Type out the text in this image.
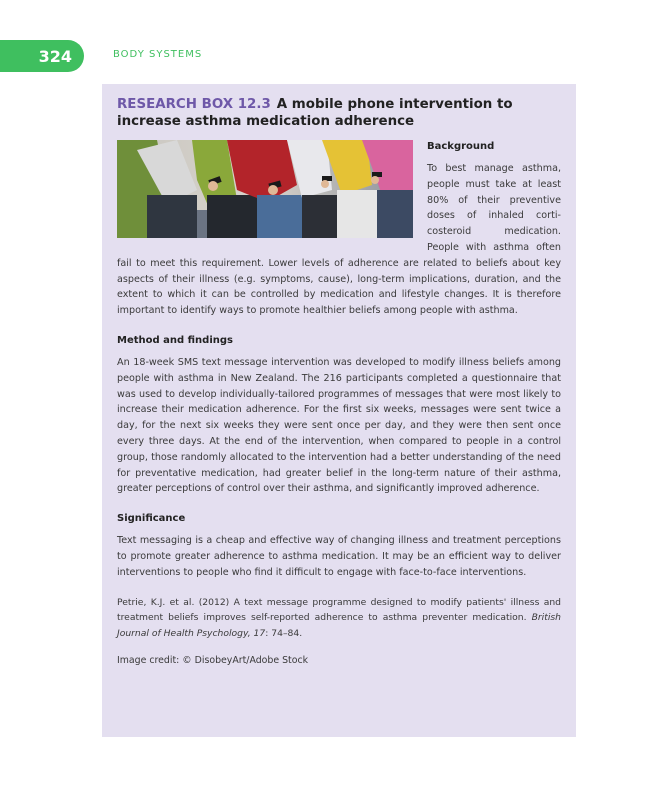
324	BODY SYSTEMS
RESEARCH BOX 12.3 A mobile phone intervention to increase asthma medication adherence
Background

To best manage asthma, people must take at least 80% of their preventive doses of inhaled corticosteroid medication. People with asthma often fail to meet this requirement. Lower levels of adherence are related to beliefs about key aspects of their illness (e.g. symptoms, cause), long-term implications, duration, and the extent to which it can be controlled by medication and lifestyle changes. It is therefore important to identify ways to promote healthier beliefs among people with asthma.

Method and findings

An 18-week SMS text message intervention was developed to modify illness beliefs among people with asthma in New Zealand. The 216 participants completed a questionnaire that was used to develop individually-tailored programmes of messages that were most likely to increase their medication adherence. For the first six weeks, messages were sent twice a day, for the next six weeks they were sent once per day, and they were then sent once every three days. At the end of the intervention, when compared to people in a control group, those randomly allocated to the intervention had a better understanding of the need for preventative medication, had greater belief in the long-term nature of their asthma, greater perceptions of control over their asthma, and significantly improved adherence.

Significance

Text messaging is a cheap and effective way of changing illness and treatment perceptions to promote greater adherence to asthma medication. It may be an efficient way to deliver interventions to people who find it difficult to engage with face-to-face interventions.

Petrie, K.J. et al. (2012) A text message programme designed to modify patients' illness and treatment beliefs improves self-reported adherence to asthma preventer medication. British Journal of Health Psychology, 17: 74–84.

Image credit: © DisobeyArt/Adobe Stock
